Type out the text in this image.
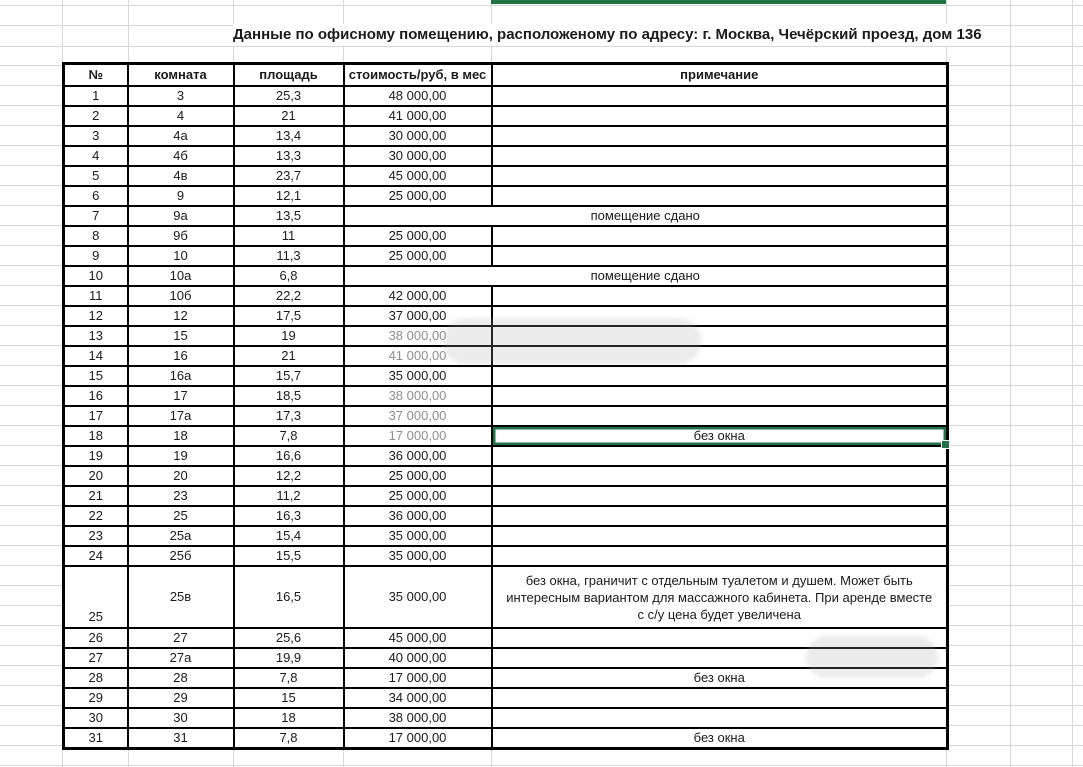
Данные по офисному помещению, расположеному по адресу: г. Москва, Чечёрский проезд, дом 136
№	комната	площадь	стоимость/руб, в мес	примечание
1	3	25,3	48 000,00	
2	4	21	41 000,00	
3	4а	13,4	30 000,00	
4	4б	13,3	30 000,00	
5	4в	23,7	45 000,00	
6	9	12,1	25 000,00	
7	9а	13,5	помещение сдано	
8	9б	11	25 000,00	
9	10	11,3	25 000,00	
10	10а	6,8	помещение сдано	
11	10б	22,2	42 000,00	
12	12	17,5	37 000,00	
13	15	19	38 000,00	
14	16	21	41 000,00	
15	16а	15,7	35 000,00	
16	17	18,5	38 000,00	
17	17а	17,3	37 000,00	
18	18	7,8	17 000,00	без окна
19	19	16,6	36 000,00	
20	20	12,2	25 000,00	
21	23	11,2	25 000,00	
22	25	16,3	36 000,00	
23	25а	15,4	35 000,00	
24	25б	15,5	35 000,00	
25	25в	16,5	35 000,00	без окна, граничит с отдельным туалетом и душем. Может быть интересным вариантом для массажного кабинета. При аренде вместе с с/у цена будет увеличена
26	27	25,6	45 000,00	
27	27а	19,9	40 000,00	
28	28	7,8	17 000,00	без окна
29	29	15	34 000,00	
30	30	18	38 000,00	
31	31	7,8	17 000,00	без окна
